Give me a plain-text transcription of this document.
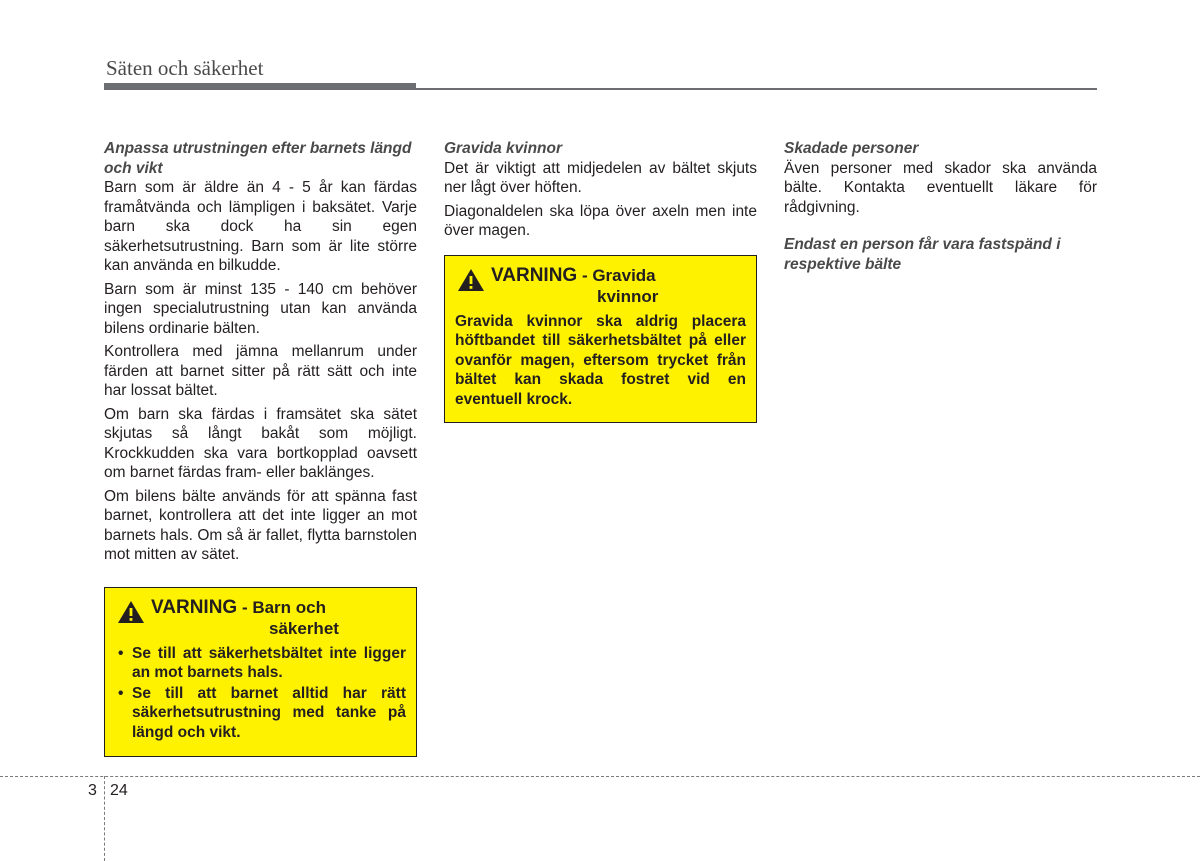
Säten och säkerhet

Anpassa utrustningen efter barnets längd och vikt

Barn som är äldre än 4 - 5 år kan färdas framåtvända och lämpligen i baksätet. Varje barn ska dock ha sin egen säkerhetsutrustning. Barn som är lite större kan använda en bilkudde.

Barn som är minst 135 - 140 cm behöver ingen specialutrustning utan kan använda bilens ordinarie bälten.

Kontrollera med jämna mellanrum under färden att barnet sitter på rätt sätt och inte har lossat bältet.

Om barn ska färdas i framsätet ska sätet skjutas så långt bakåt som möjligt. Krockkudden ska vara bortkopplad oavsett om barnet färdas fram- eller baklänges.

Om bilens bälte används för att spänna fast barnet, kontrollera att det inte ligger an mot barnets hals. Om så är fallet, flytta barnstolen mot mitten av sätet.

VARNING - Barn och
säkerhet
• Se till att säkerhetsbältet inte ligger an mot barnets hals.
• Se till att barnet alltid har rätt säkerhetsutrustning med tanke på längd och vikt.

Gravida kvinnor

Det är viktigt att midjedelen av bältet skjuts ner lågt över höften.

Diagonaldelen ska löpa över axeln men inte över magen.

VARNING - Gravida
kvinnor

Gravida kvinnor ska aldrig placera höftbandet till säkerhetsbältet på eller ovanför magen, eftersom trycket från bältet kan skada fostret vid en eventuell krock.

Skadade personer

Även personer med skador ska använda bälte. Kontakta eventuellt läkare för rådgivning.

Endast en person får vara fastspänd i respektive bälte

3 24
